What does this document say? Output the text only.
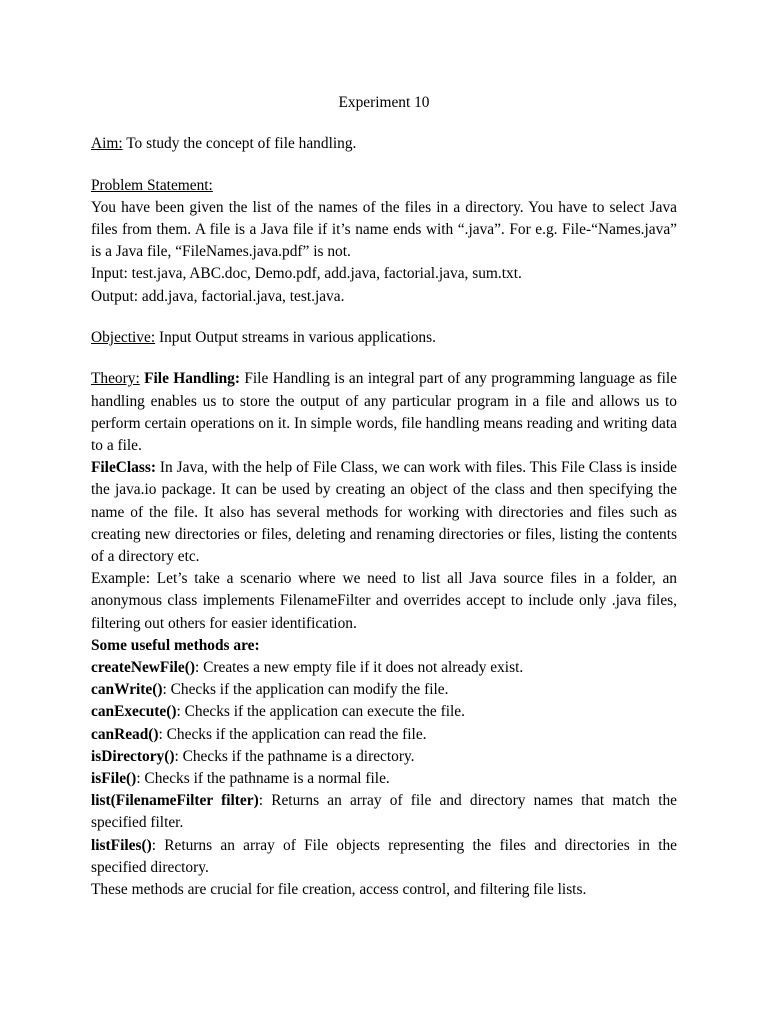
Experiment 10

Aim: To study the concept of file handling.

Problem Statement:

You have been given the list of the names of the files in a directory. You have to select Java files from them. A file is a Java file if it’s name ends with “.java”. For e.g. File-“Names.java” is a Java file, “FileNames.java.pdf” is not.

Input: test.java, ABC.doc, Demo.pdf, add.java, factorial.java, sum.txt.

Output: add.java, factorial.java, test.java.

Objective: Input Output streams in various applications.

Theory: File Handling: File Handling is an integral part of any programming language as file handling enables us to store the output of any particular program in a file and allows us to perform certain operations on it. In simple words, file handling means reading and writing data to a file.

FileClass: In Java, with the help of File Class, we can work with files. This File Class is inside the java.io package. It can be used by creating an object of the class and then specifying the name of the file. It also has several methods for working with directories and files such as creating new directories or files, deleting and renaming directories or files, listing the contents of a directory etc.

Example: Let’s take a scenario where we need to list all Java source files in a folder, an anonymous class implements FilenameFilter and overrides accept to include only .java files, filtering out others for easier identification.

Some useful methods are:

createNewFile(): Creates a new empty file if it does not already exist.

canWrite(): Checks if the application can modify the file.

canExecute(): Checks if the application can execute the file.

canRead(): Checks if the application can read the file.

isDirectory(): Checks if the pathname is a directory.

isFile(): Checks if the pathname is a normal file.

list(FilenameFilter filter): Returns an array of file and directory names that match the specified filter.

listFiles(): Returns an array of File objects representing the files and directories in the specified directory.

These methods are crucial for file creation, access control, and filtering file lists.
